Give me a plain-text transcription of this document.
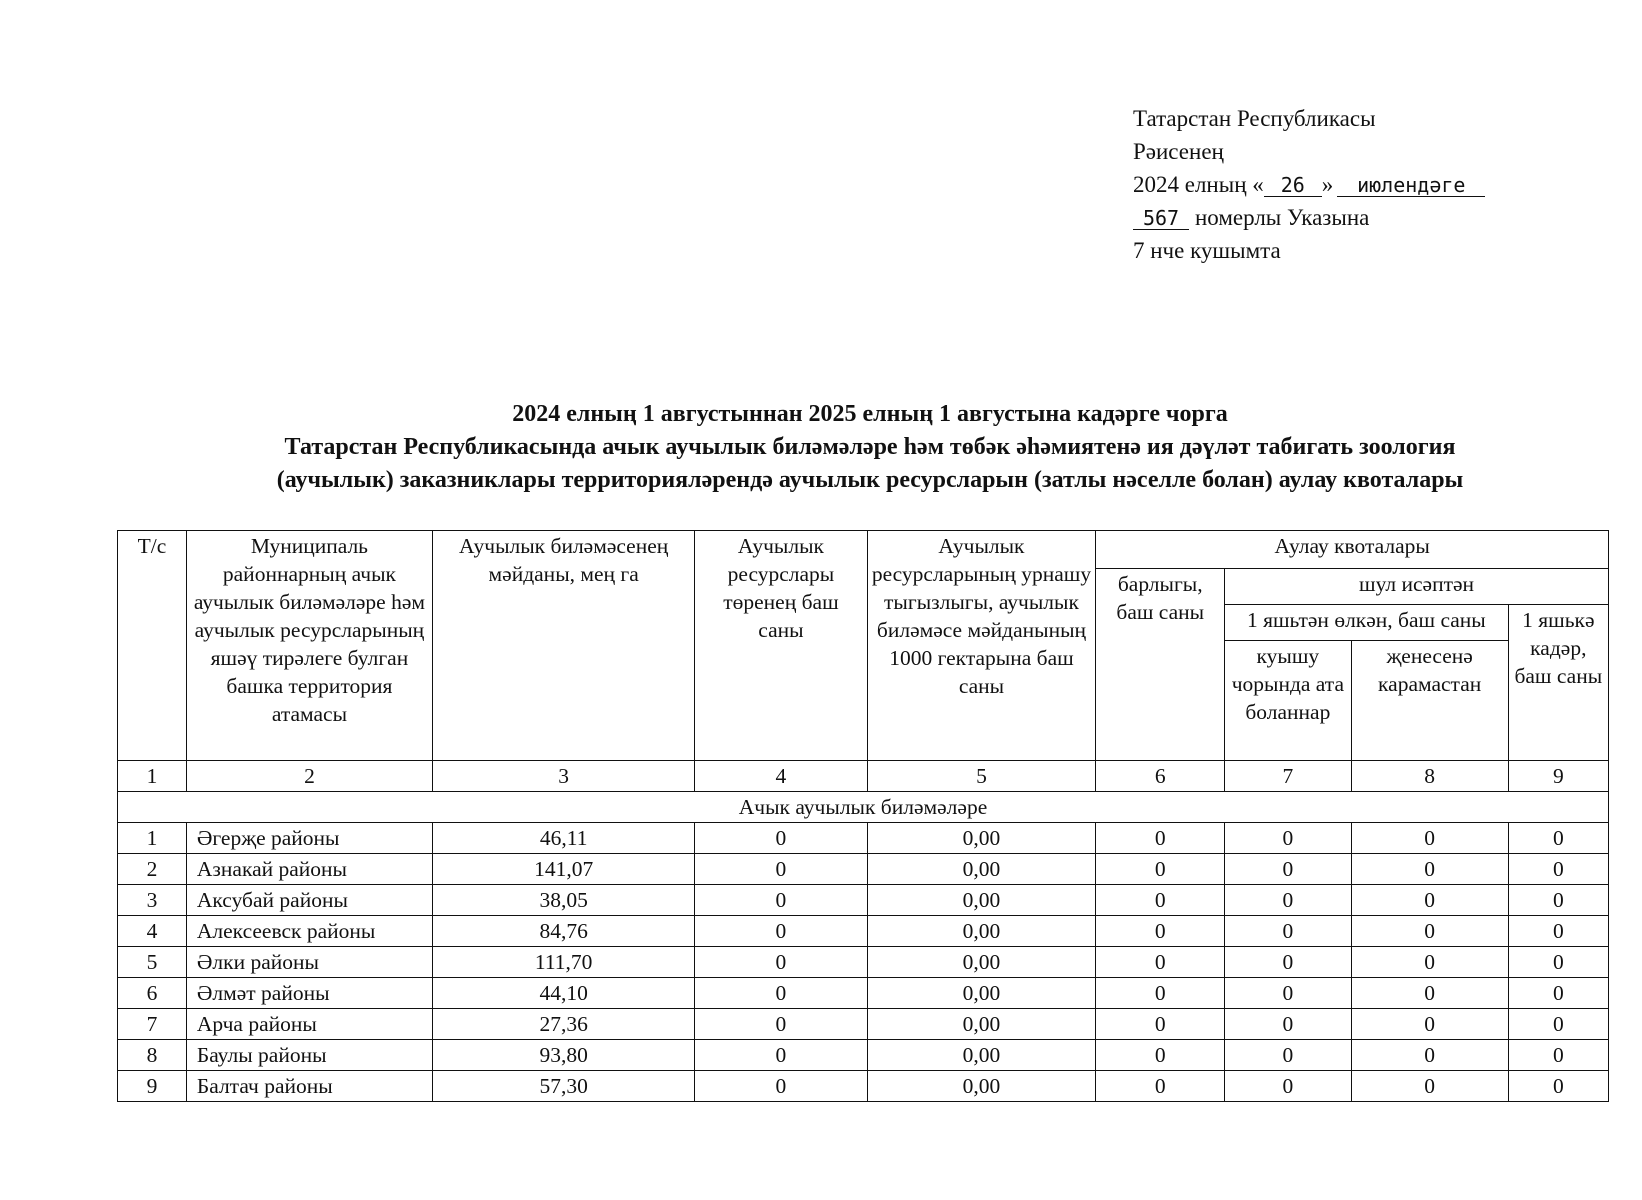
Татарстан Республикасы
Рәисенең
2024 елның « 26 » июлендәге
567 номерлы Указына
7 нче кушымта
2024 елның 1 августыннан 2025 елның 1 августына кадәрге чорга
Татарстан Республикасында ачык аучылык биләмәләре һәм төбәк әһәмиятенә ия дәүләт табигать зоология
(аучылык) заказниклары территорияләрендә аучылык ресурсларын (затлы нәселле болан) аулау квоталары
Т/с	Муниципаль районнарның ачык аучылык биләмәләре һәм аучылык ресурсларының яшәү тирәлеге булган башка территория атамасы	Аучылык биләмәсенең мәйданы, мең га	Аучылык ресурслары төренең баш саны	Аучылык ресурсларының урнашу тыгызлыгы, аучылык биләмәсе мәйданының 1000 гектарына баш саны	Аулау квоталары			
					барлыгы, баш саны	шул исәптән		
						1 яшьтән өлкән, баш саны		1 яшькә кадәр, баш саны
						куышу чорында ата боланнар	җенесенә карамастан	
1	2	3	4	5	6	7	8	9
Ачык аучылык биләмәләре								
1	Әгерҗе районы	46,11	0	0,00	0	0	0	0
2	Азнакай районы	141,07	0	0,00	0	0	0	0
3	Аксубай районы	38,05	0	0,00	0	0	0	0
4	Алексеевск районы	84,76	0	0,00	0	0	0	0
5	Әлки районы	111,70	0	0,00	0	0	0	0
6	Әлмәт районы	44,10	0	0,00	0	0	0	0
7	Арча районы	27,36	0	0,00	0	0	0	0
8	Баулы районы	93,80	0	0,00	0	0	0	0
9	Балтач районы	57,30	0	0,00	0	0	0	0
